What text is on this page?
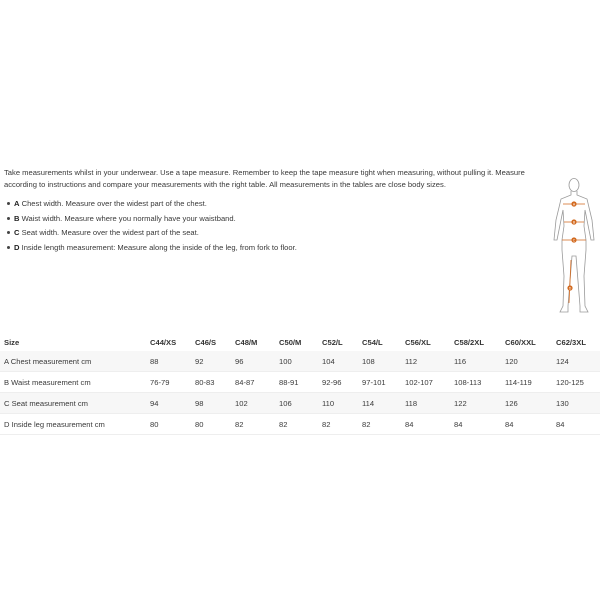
Take measurements whilst in your underwear. Use a tape measure. Remember to keep the tape measure tight when measuring, without pulling it. Measure according to instructions and compare your measurements with the right table. All measurements in the tables are close body sizes.

A Chest width. Measure over the widest part of the chest.
B Waist width. Measure where you normally have your waistband.
C Seat width. Measure over the widest part of the seat.
D Inside length measurement: Measure along the inside of the leg, from fork to floor.
A
B
C
D
Size	C44/XS	C46/S	C48/M	C50/M	C52/L	C54/L	C56/XL	C58/2XL	C60/XXL	C62/3XL
A Chest measurement cm	88	92	96	100	104	108	112	116	120	124
B Waist measurement cm	76-79	80-83	84-87	88-91	92-96	97-101	102-107	108-113	114-119	120-125
C Seat measurement cm	94	98	102	106	110	114	118	122	126	130
D Inside leg measurement cm	80	80	82	82	82	82	84	84	84	84
